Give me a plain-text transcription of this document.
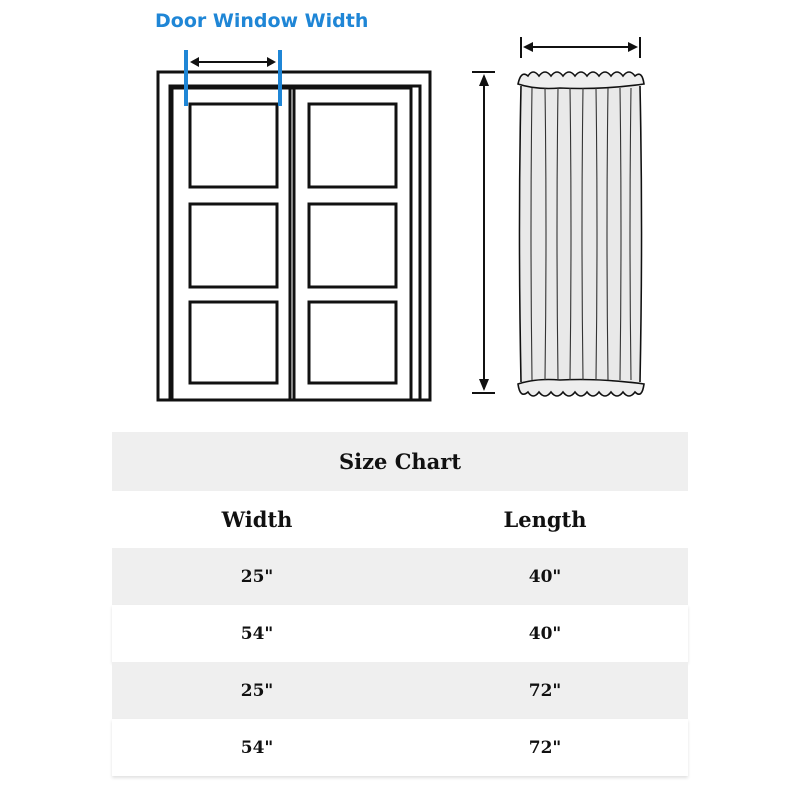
Door Window Width
Size Chart
Width	Length
25"	40"
54"	40"
25"	72"
54"	72"
